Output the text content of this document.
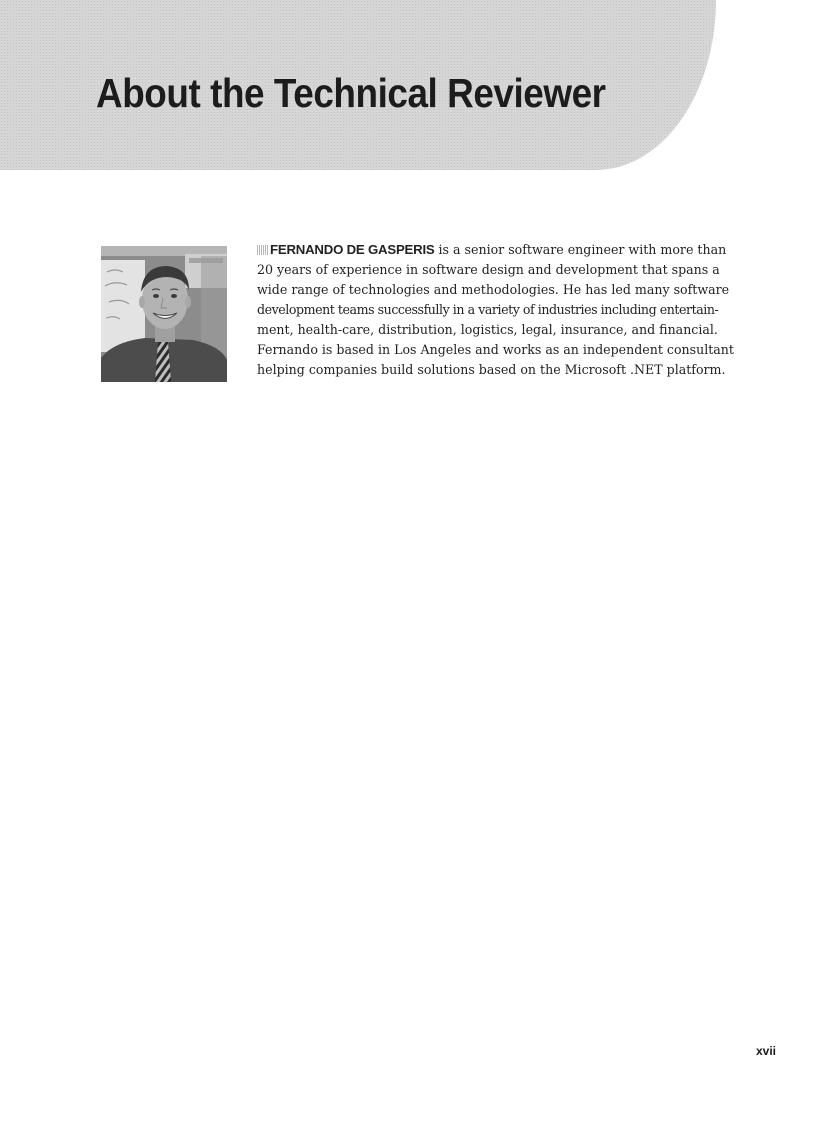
About the Technical Reviewer

FERNANDO DE GASPERIS is a senior software engineer with more than
20 years of experience in software design and development that spans a
wide range of technologies and methodologies. He has led many software
development teams successfully in a variety of industries including entertain-
ment, health-care, distribution, logistics, legal, insurance, and financial.
Fernando is based in Los Angeles and works as an independent consultant
helping companies build solutions based on the Microsoft .NET platform.

xvii
